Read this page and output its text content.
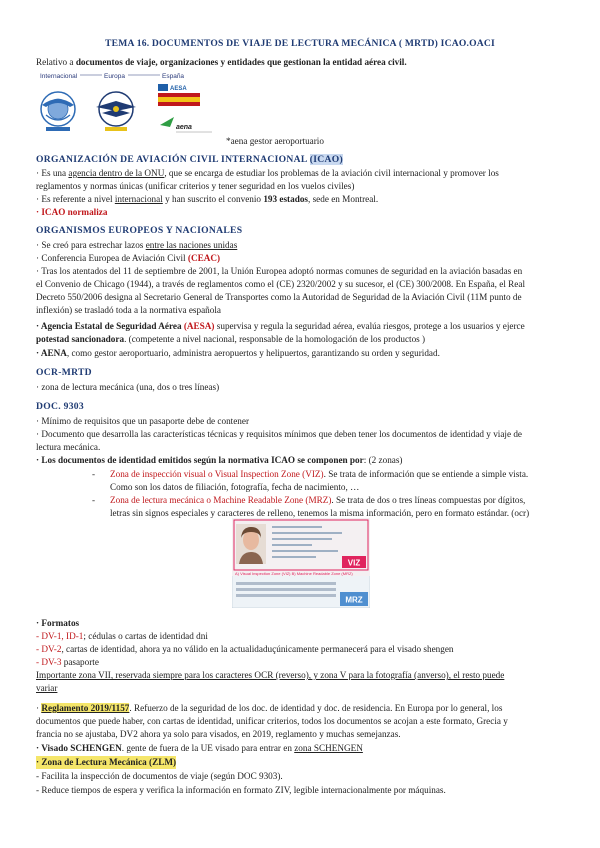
TEMA 16. DOCUMENTOS DE VIAJE DE LECTURA MECÁNICA ( MRTD) ICAO.OACI
Relativo a documentos de viaje, organizaciones y entidades que gestionan la entidad aérea civil.
Internacional	Europa	España
AESA
aena
*aena gestor aeroportuario
ORGANIZACIÓN DE AVIACIÓN CIVIL INTERNACIONAL (ICAO)
· Es una agencia dentro de la ONU, que se encarga de estudiar los problemas de la aviación civil internacional y promover los
reglamentos y normas únicas (unificar criterios y tener seguridad en los vuelos civiles)
· Es referente a nivel internacional y han suscrito el convenio 193 estados, sede en Montreal.
· ICAO normaliza
ORGANISMOS EUROPEOS Y NACIONALES
· Se creó para estrechar lazos entre las naciones unidas
· Conferencia Europea de Aviación Civil (CEAC)
· Tras los atentados del 11 de septiembre de 2001, la Unión Europea adoptó normas comunes de seguridad en la aviación basadas en
el Convenio de Chicago (1944), a través de reglamentos como el (CE) 2320/2002 y su sucesor, el (CE) 300/2008. En España, el Real
Decreto 550/2006 designa al Secretario General de Transportes como la Autoridad de Seguridad de la Aviación Civil (11M punto de
inflexión) se trasladó toda a la normativa española
· Agencia Estatal de Seguridad Aérea (AESA) supervisa y regula la seguridad aérea, evalúa riesgos, protege a los usuarios y ejerce
potestad sancionadora. (competente a nivel nacional, responsable de la homologación de los productos )
· AENA, como gestor aeroportuario, administra aeropuertos y helipuertos, garantizando su orden y seguridad.
OCR-MRTD
· zona de lectura mecánica (una, dos o tres líneas)
DOC. 9303
· Mínimo de requisitos que un pasaporte debe de contener
· Documento que desarrolla las características técnicas y requisitos mínimos que deben tener los documentos de identidad y viaje de
lectura mecánica.
· Los documentos de identidad emitidos según la normativa ICAO se componen por: (2 zonas)
- Zona de inspección visual o Visual Inspection Zone (VIZ). Se trata de información que se entiende a simple vista.
Como son los datos de filiación, fotografía, fecha de nacimiento, …
- Zona de lectura mecánica o Machine Readable Zone (MRZ). Se trata de dos o tres líneas compuestas por dígitos,
letras sin signos especiales y caracteres de relleno, tenemos la misma información, pero en formato estándar. (ocr)
VIZ
A) Visual Inspection Zone (VIZ) B) Machine Readable Zone (MRZ)
MRZ
· Formatos
- DV-1, ID-1; cédulas o cartas de identidad dni
- DV-2, cartas de identidad, ahora ya no válido en la actualidaduçúnicamente permanecerá para el visado shengen
- DV-3 pasaporte
Importante zona VII, reservada siempre para los caracteres OCR (reverso), y zona V para la fotografía (anverso), el resto puede
variar
· Reglamento 2019/1157. Refuerzo de la seguridad de los doc. de identidad y doc. de residencia. En Europa por lo general, los
documentos que puede haber, con cartas de identidad, unificar criterios, todos los documentos se acojan a este formato, Grecia y
francia no se ajustaba, DV2 ahora ya solo para visados, en 2019, reglamento y muchas semejanzas.
· Visado SCHENGEN. gente de fuera de la UE visado para entrar en zona SCHENGEN
· Zona de Lectura Mecánica (ZLM)
- Facilita la inspección de documentos de viaje (según DOC 9303).
- Reduce tiempos de espera y verifica la información en formato ZIV, legible internacionalmente por máquinas.
